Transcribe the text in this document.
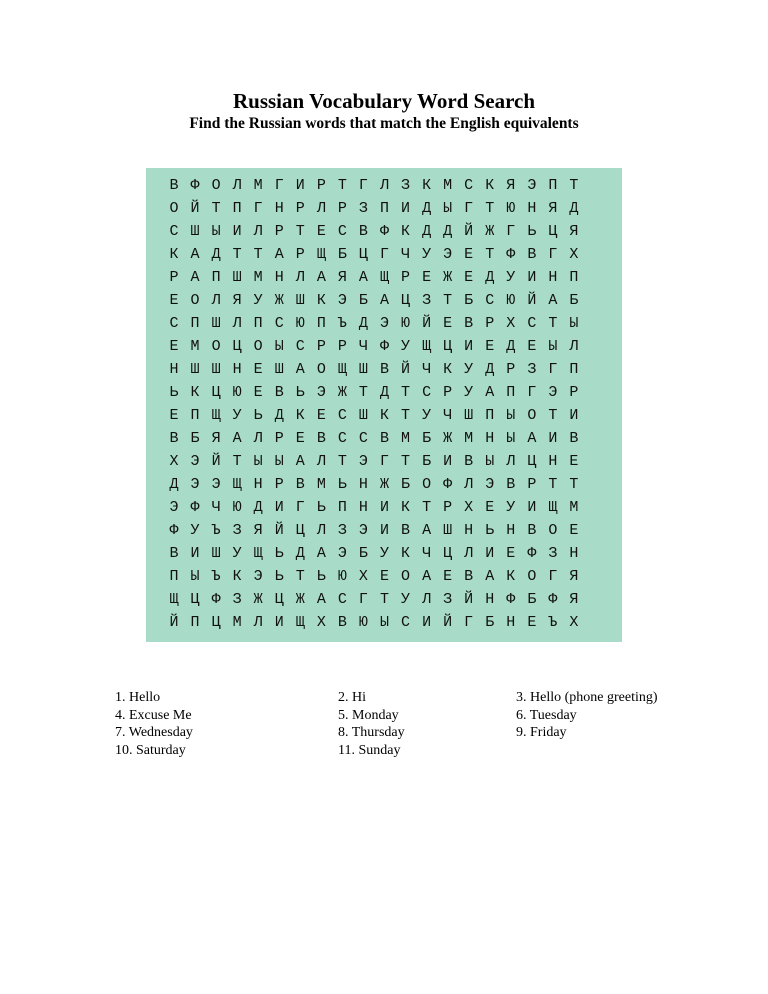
Russian Vocabulary Word Search
Find the Russian words that match the English equivalents
В Ф О Л М Г И Р Т Г Л З К М С К Я Э П Т
О Й Т П Г Н Р Л Р З П И Д Ы Г Т Ю Н Я Д
С Ш Ы И Л Р Т Е С В Ф К Д Д Й Ж Г Ь Ц Я
К А Д Т Т А Р Щ Б Ц Г Ч У Э Е Т Ф В Г Х
Р А П Ш М Н Л А Я А Щ Р Е Ж Е Д У И Н П
Е О Л Я У Ж Ш К Э Б А Ц З Т Б С Ю Й А Б
С П Ш Л П С Ю П Ъ Д Э Ю Й Е В Р Х С Т Ы
Е М О Ц О Ы С Р Р Ч Ф У Щ Ц И Е Д Е Ы Л
Н Ш Ш Н Е Ш А О Щ Ш В Й Ч К У Д Р З Г П
Ь К Ц Ю Е В Ь Э Ж Т Д Т С Р У А П Г Э Р
Е П Щ У Ь Д К Е С Ш К Т У Ч Ш П Ы О Т И
В Б Я А Л Р Е В С С В М Б Ж М Н Ы А И В
Х Э Й Т Ы Ы А Л Т Э Г Т Б И В Ы Л Ц Н Е
Д Э Э Щ Н Р В М Ь Н Ж Б О Ф Л Э В Р Т Т
Э Ф Ч Ю Д И Г Ь П Н И К Т Р Х Е У И Щ М
Ф У Ъ З Я Й Ц Л З Э И В А Ш Н Ь Н В О Е
В И Ш У Щ Ь Д А Э Б У К Ч Ц Л И Е Ф З Н
П Ы Ъ К Э Ь Т Ь Ю Х Е О А Е В А К О Г Я
Щ Ц Ф З Ж Ц Ж А С Г Т У Л З Й Н Ф Б Ф Я
Й П Ц М Л И Щ Х В Ю Ы С И Й Г Б Н Е Ъ Х
1. Hello	2. Hi	3. Hello (phone greeting)
4. Excuse Me	5. Monday	6. Tuesday
7. Wednesday	8. Thursday	9. Friday
10. Saturday	11. Sunday
